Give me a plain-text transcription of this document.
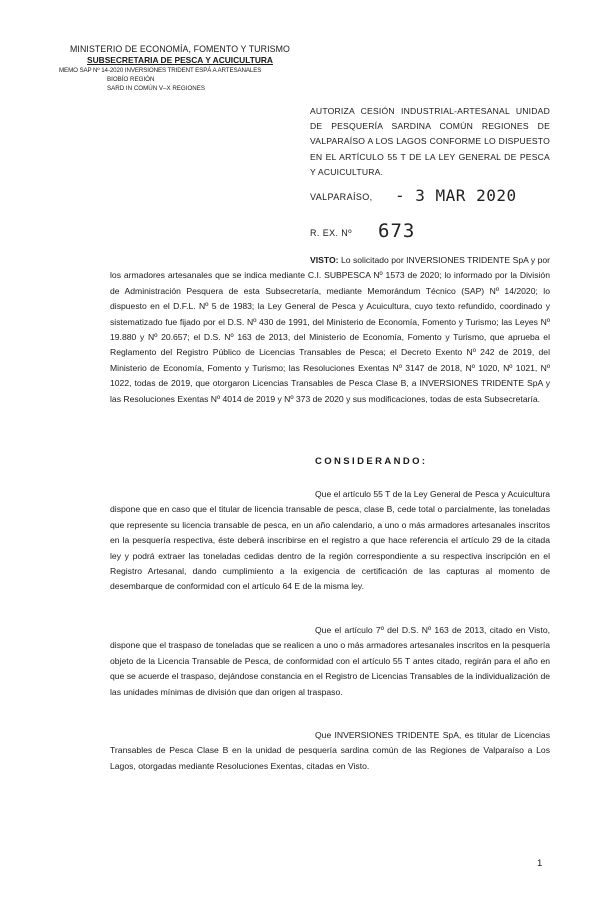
MINISTERIO DE ECONOMÍA, FOMENTO Y TURISMO
SUBSECRETARIA DE PESCA Y ACUICULTURA
MEMO SAP Nº 14-2020 INVERSIONES TRIDENT ESPÁ A ARTESANALES
BIOBÍO REGIÓN
SARD IN COMÚN V–X REGIONES
AUTORIZA CESIÓN INDUSTRIAL-ARTESANAL UNIDAD DE PESQUERÍA SARDINA COMÚN REGIONES DE VALPARAÍSO A LOS LAGOS CONFORME LO DISPUESTO EN EL ARTÍCULO 55 T DE LA LEY GENERAL DE PESCA Y ACUICULTURA.
VALPARAÍSO, - 3 MAR 2020
R. EX. Nº 673
VISTO: Lo solicitado por INVERSIONES TRIDENTE SpA y por los armadores artesanales que se indica mediante C.I. SUBPESCA Nº 1573 de 2020; lo informado por la División de Administración Pesquera de esta Subsecretaría, mediante Memorándum Técnico (SAP) Nº 14/2020; lo dispuesto en el D.F.L. Nº 5 de 1983; la Ley General de Pesca y Acuicultura, cuyo texto refundido, coordinado y sistematizado fue fijado por el D.S. Nº 430 de 1991, del Ministerio de Economía, Fomento y Turismo; las Leyes Nº 19.880 y Nº 20.657; el D.S. Nº 163 de 2013, del Ministerio de Economía, Fomento y Turismo, que aprueba el Reglamento del Registro Público de Licencias Transables de Pesca; el Decreto Exento Nº 242 de 2019, del Ministerio de Economía, Fomento y Turismo; las Resoluciones Exentas Nº 3147 de 2018, Nº 1020, Nº 1021, Nº 1022, todas de 2019, que otorgaron Licencias Transables de Pesca Clase B, a INVERSIONES TRIDENTE SpA y las Resoluciones Exentas Nº 4014 de 2019 y Nº 373 de 2020 y sus modificaciones, todas de esta Subsecretaría.
CONSIDERANDO:
Que el artículo 55 T de la Ley General de Pesca y Acuicultura dispone que en caso que el titular de licencia transable de pesca, clase B, cede total o parcialmente, las toneladas que represente su licencia transable de pesca, en un año calendario, a uno o más armadores artesanales inscritos en la pesquería respectiva, éste deberá inscribirse en el registro a que hace referencia el artículo 29 de la citada ley y podrá extraer las toneladas cedidas dentro de la región correspondiente a su respectiva inscripción en el Registro Artesanal, dando cumplimiento a la exigencia de certificación de las capturas al momento de desembarque de conformidad con el artículo 64 E de la misma ley.
Que el artículo 7º del D.S. Nº 163 de 2013, citado en Visto, dispone que el traspaso de toneladas que se realicen a uno o más armadores artesanales inscritos en la pesquería objeto de la Licencia Transable de Pesca, de conformidad con el artículo 55 T antes citado, regirán para el año en que se acuerde el traspaso, dejándose constancia en el Registro de Licencias Transables de la individualización de las unidades mínimas de división que dan origen al traspaso.
Que INVERSIONES TRIDENTE SpA, es titular de Licencias Transables de Pesca Clase B en la unidad de pesquería sardina común de las Regiones de Valparaíso a Los Lagos, otorgadas mediante Resoluciones Exentas, citadas en Visto.
1
